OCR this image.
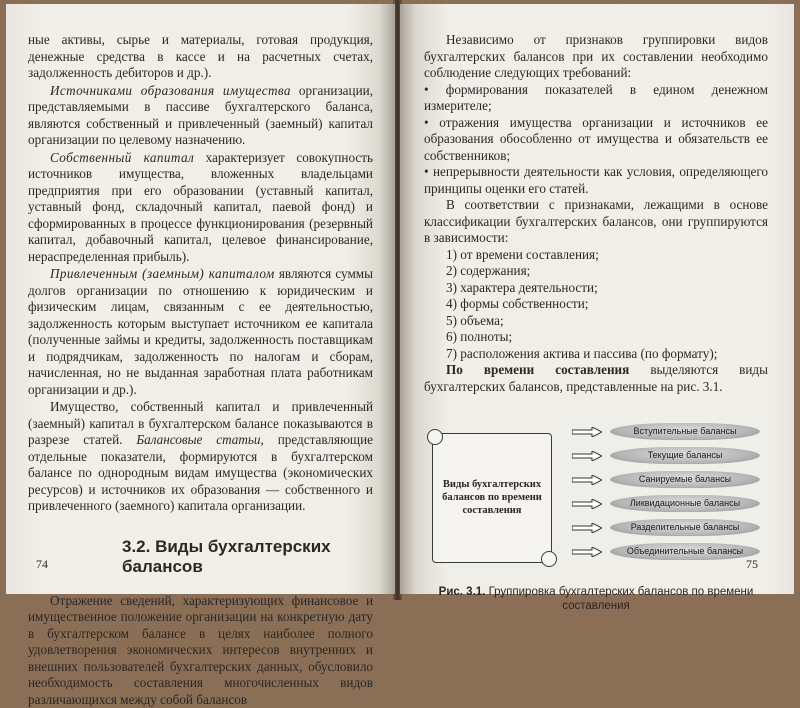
ные активы, сырье и материалы, готовая продукция, денежные средства в кассе и на расчетных счетах, задолженность дебиторов и др.).

Источниками образования имущества организации, представляемыми в пассиве бухгалтерского баланса, являются собственный и привлеченный (заемный) капитал организации по целевому назначению.

Собственный капитал характеризует совокупность источников имущества, вложенных владельцами предприятия при его образовании (уставный капитал, уставный фонд, складочный капитал, паевой фонд) и сформированных в процессе функционирования (резервный капитал, добавочный капитал, целевое финансирование, нераспределенная прибыль).

Привлеченным (заемным) капиталом являются суммы долгов организации по отношению к юридическим и физическим лицам, связанным с ее деятельностью, задолженность которым выступает источником ее капитала (полученные займы и кредиты, задолженность поставщикам и подрядчикам, задолженность по налогам и сборам, начисленная, но не выданная заработная плата работникам организации и др.).

Имущество, собственный капитал и привлеченный (заемный) капитал в бухгалтерском балансе показываются в разрезе статей. Балансовые статьи, представляющие отдельные показатели, формируются в бухгалтерском балансе по однородным видам имущества (экономических ресурсов) и источников их образования — собственного и привлеченного (заемного) капитала организации.

3.2. Виды бухгалтерских балансов

Отражение сведений, характеризующих финансовое и имущественное положение организации на конкретную дату в бухгалтерском балансе в целях наиболее полного удовлетворения экономических интересов внутренних и внешних пользователей бухгалтерских данных, обусловило необходимость составления многочисленных видов различающихся между собой балансов

74

Независимо от признаков группировки видов бухгалтерских балансов при их составлении необходимо соблюдение следующих требований:

• формирования показателей в едином денежном измерителе;

• отражения имущества организации и источников ее образования обособленно от имущества и обязательств ее собственников;

• непрерывности деятельности как условия, определяющего принципы оценки его статей.

В соответствии с признаками, лежащими в основе классификации бухгалтерских балансов, они группируются в зависимости:

1) от времени составления;
2) содержания;
3) характера деятельности;
4) формы собственности;
5) объема;
6) полноты;
7) расположения актива и пассива (по формату);

По времени составления выделяются виды бухгалтерских балансов, представленные на рис. 3.1.

Виды бухгалтерских балансов по времени составления
Вступительные балансы
Текущие балансы
Санируемые балансы
Ликвидационные балансы
Разделительные балансы
Объединительные балансы
Рис. 3.1. Группировка бухгалтерских балансов по времени составления
75
